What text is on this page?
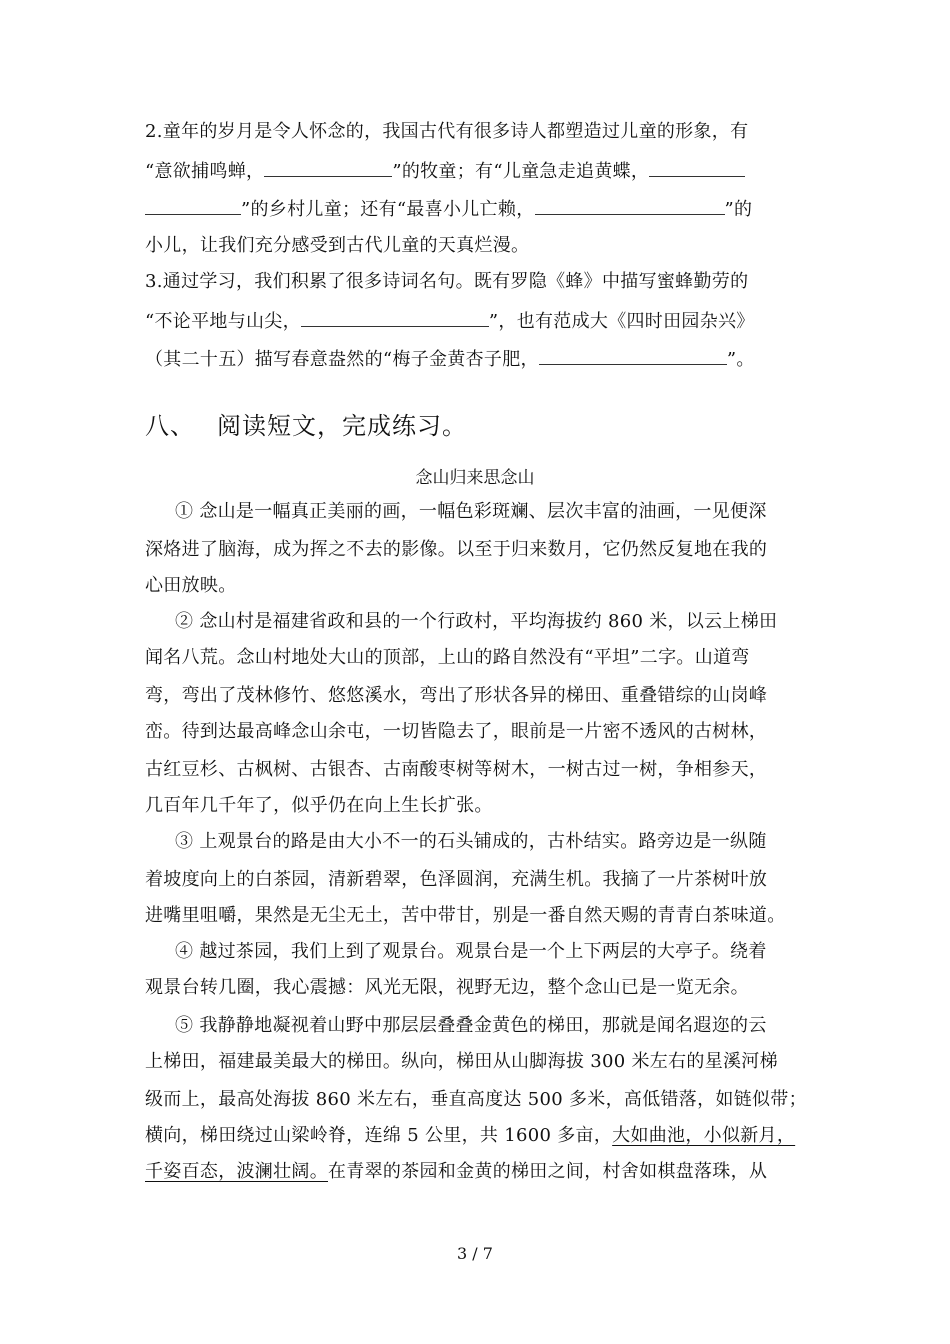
2.童年的岁月是令人怀念的，我国古代有很多诗人都塑造过儿童的形象，有
“意欲捕鸣蝉，	”的牧童；有“儿童急走追黄蝶，
”的乡村儿童；还有“最喜小儿亡赖，	”的
小儿，让我们充分感受到古代儿童的天真烂漫。
3.通过学习，我们积累了很多诗词名句。既有罗隐《蜂》中描写蜜蜂勤劳的
“不论平地与山尖，	”，也有范成大《四时田园杂兴》
（其二十五）描写春意盎然的“梅子金黄杏子肥，	”。
八、 阅读短文，完成练习。
念山归来思念山
① 念山是一幅真正美丽的画，一幅色彩斑斓、层次丰富的油画，一见便深
深烙进了脑海，成为挥之不去的影像。以至于归来数月，它仍然反复地在我的
心田放映。
② 念山村是福建省政和县的一个行政村，平均海拔约 860 米，以云上梯田
闻名八荒。念山村地处大山的顶部，上山的路自然没有“平坦”二字。山道弯
弯，弯出了茂林修竹、悠悠溪水，弯出了形状各异的梯田、重叠错综的山岗峰
峦。待到达最高峰念山余屯，一切皆隐去了，眼前是一片密不透风的古树林，
古红豆杉、古枫树、古银杏、古南酸枣树等树木，一树古过一树，争相参天，
几百年几千年了，似乎仍在向上生长扩张。
③ 上观景台的路是由大小不一的石头铺成的，古朴结实。路旁边是一纵随
着坡度向上的白茶园，清新碧翠，色泽圆润，充满生机。我摘了一片茶树叶放
进嘴里咀嚼，果然是无尘无土，苦中带甘，别是一番自然天赐的青青白茶味道。
④ 越过茶园，我们上到了观景台。观景台是一个上下两层的大亭子。绕着
观景台转几圈，我心震撼：风光无限，视野无边，整个念山已是一览无余。
⑤ 我静静地凝视着山野中那层层叠叠金黄色的梯田，那就是闻名遐迩的云
上梯田，福建最美最大的梯田。纵向，梯田从山脚海拔 300 米左右的星溪河梯
级而上，最高处海拔 860 米左右，垂直高度达 500 多米，高低错落，如链似带；
横向，梯田绕过山梁岭脊，连绵 5 公里，共 1600 多亩，大如曲池，小似新月，
千姿百态，波澜壮阔。在青翠的茶园和金黄的梯田之间，村舍如棋盘落珠，从
3 / 7
